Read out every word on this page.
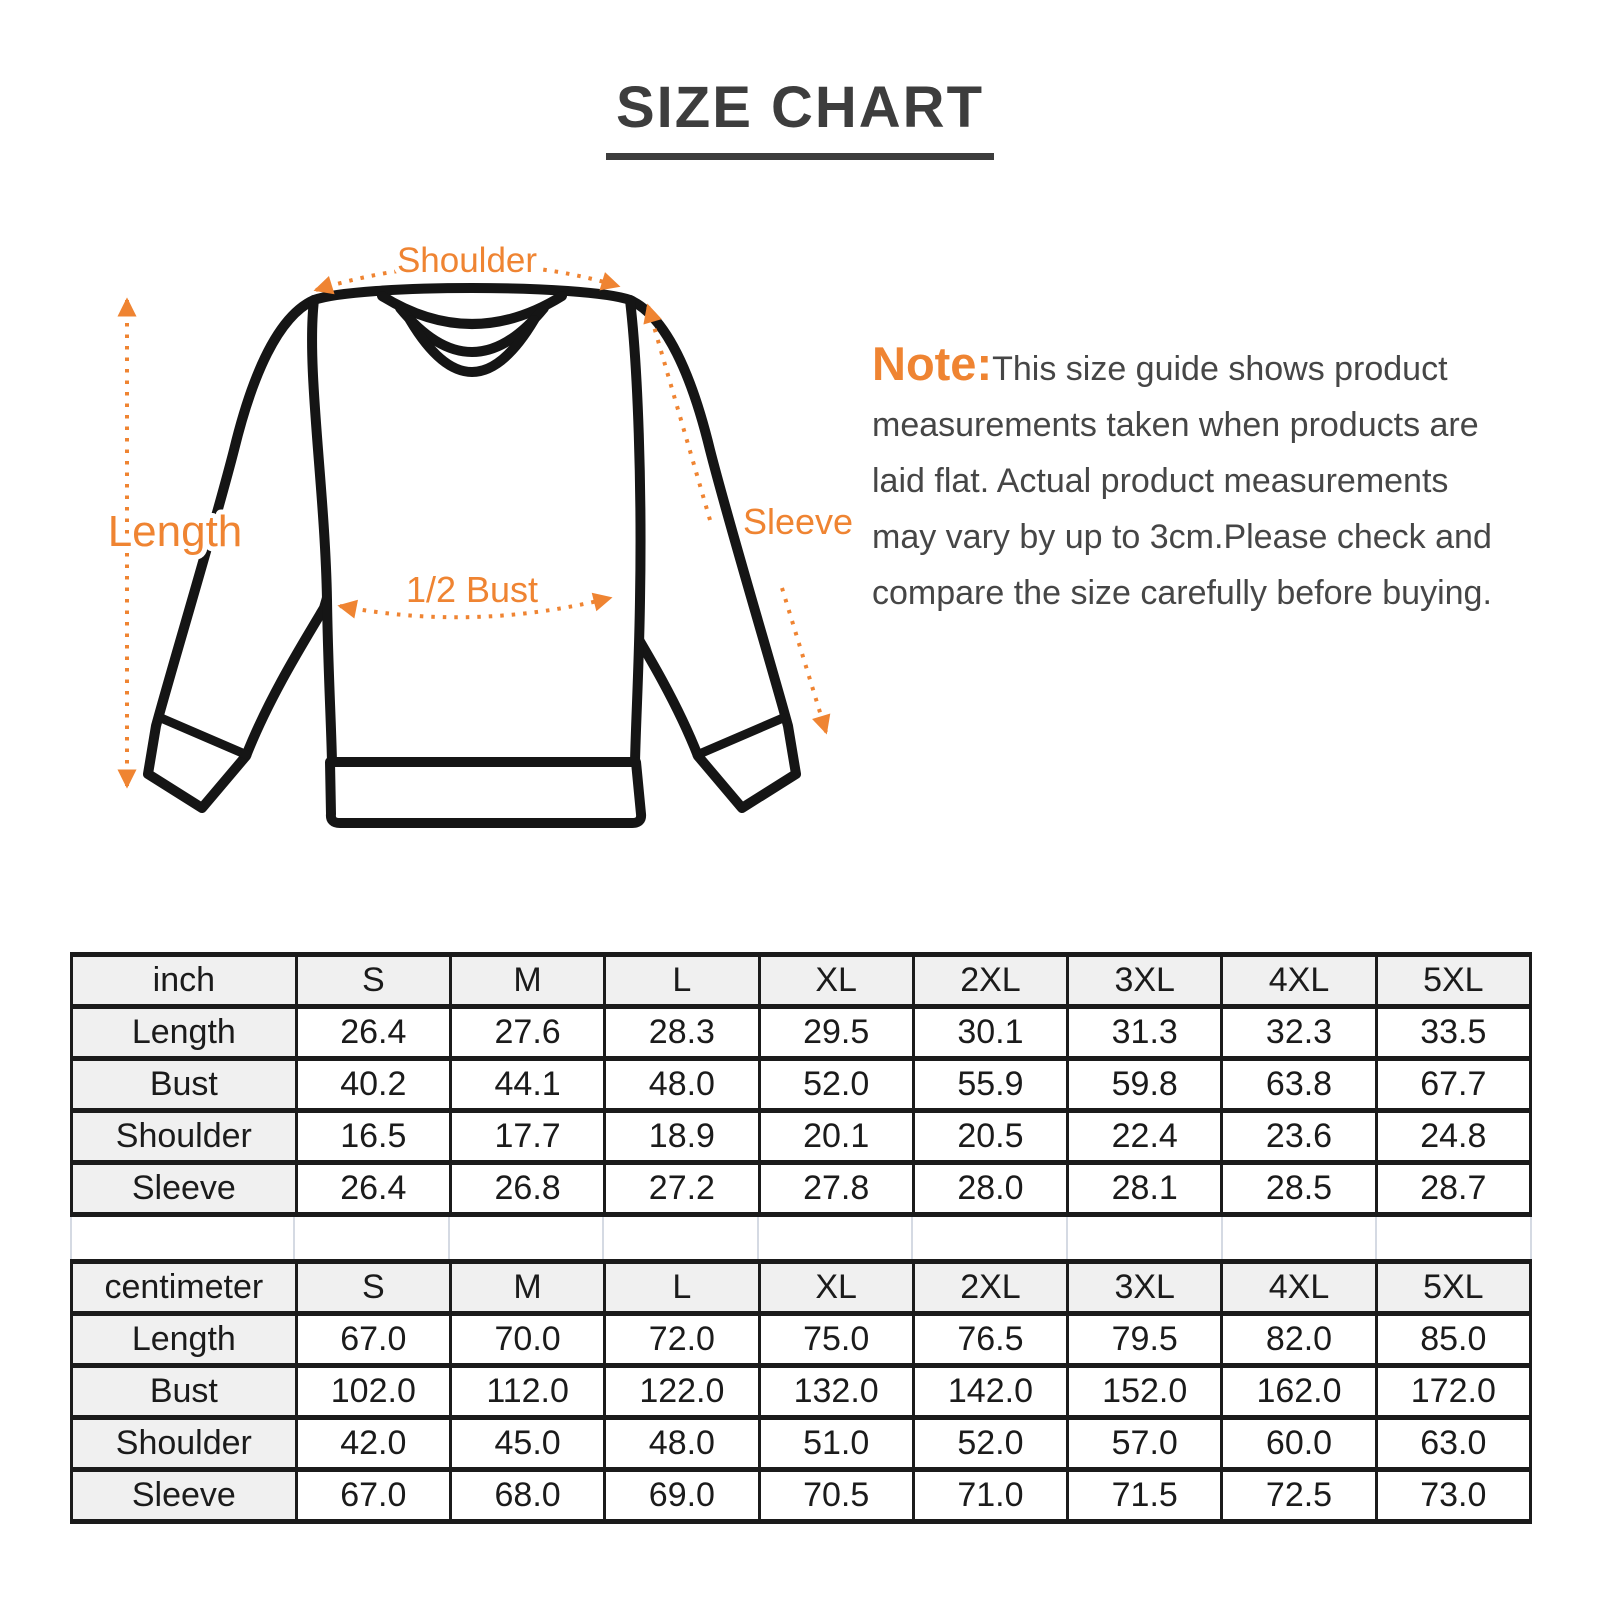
SIZE CHART
Shoulder
Length	Sleeve
1/2 Bust
Note:This size guide shows product
measurements taken when products are
laid flat. Actual product measurements
may vary by up to 3cm.Please check and
compare the size carefully before buying.
inch	S	M	L	XL	2XL	3XL	4XL	5XL
Length	26.4	27.6	28.3	29.5	30.1	31.3	32.3	33.5
Bust	40.2	44.1	48.0	52.0	55.9	59.8	63.8	67.7
Shoulder	16.5	17.7	18.9	20.1	20.5	22.4	23.6	24.8
Sleeve	26.4	26.8	27.2	27.8	28.0	28.1	28.5	28.7
centimeter	S	M	L	XL	2XL	3XL	4XL	5XL
Length	67.0	70.0	72.0	75.0	76.5	79.5	82.0	85.0
Bust	102.0	112.0	122.0	132.0	142.0	152.0	162.0	172.0
Shoulder	42.0	45.0	48.0	51.0	52.0	57.0	60.0	63.0
Sleeve	67.0	68.0	69.0	70.5	71.0	71.5	72.5	73.0
